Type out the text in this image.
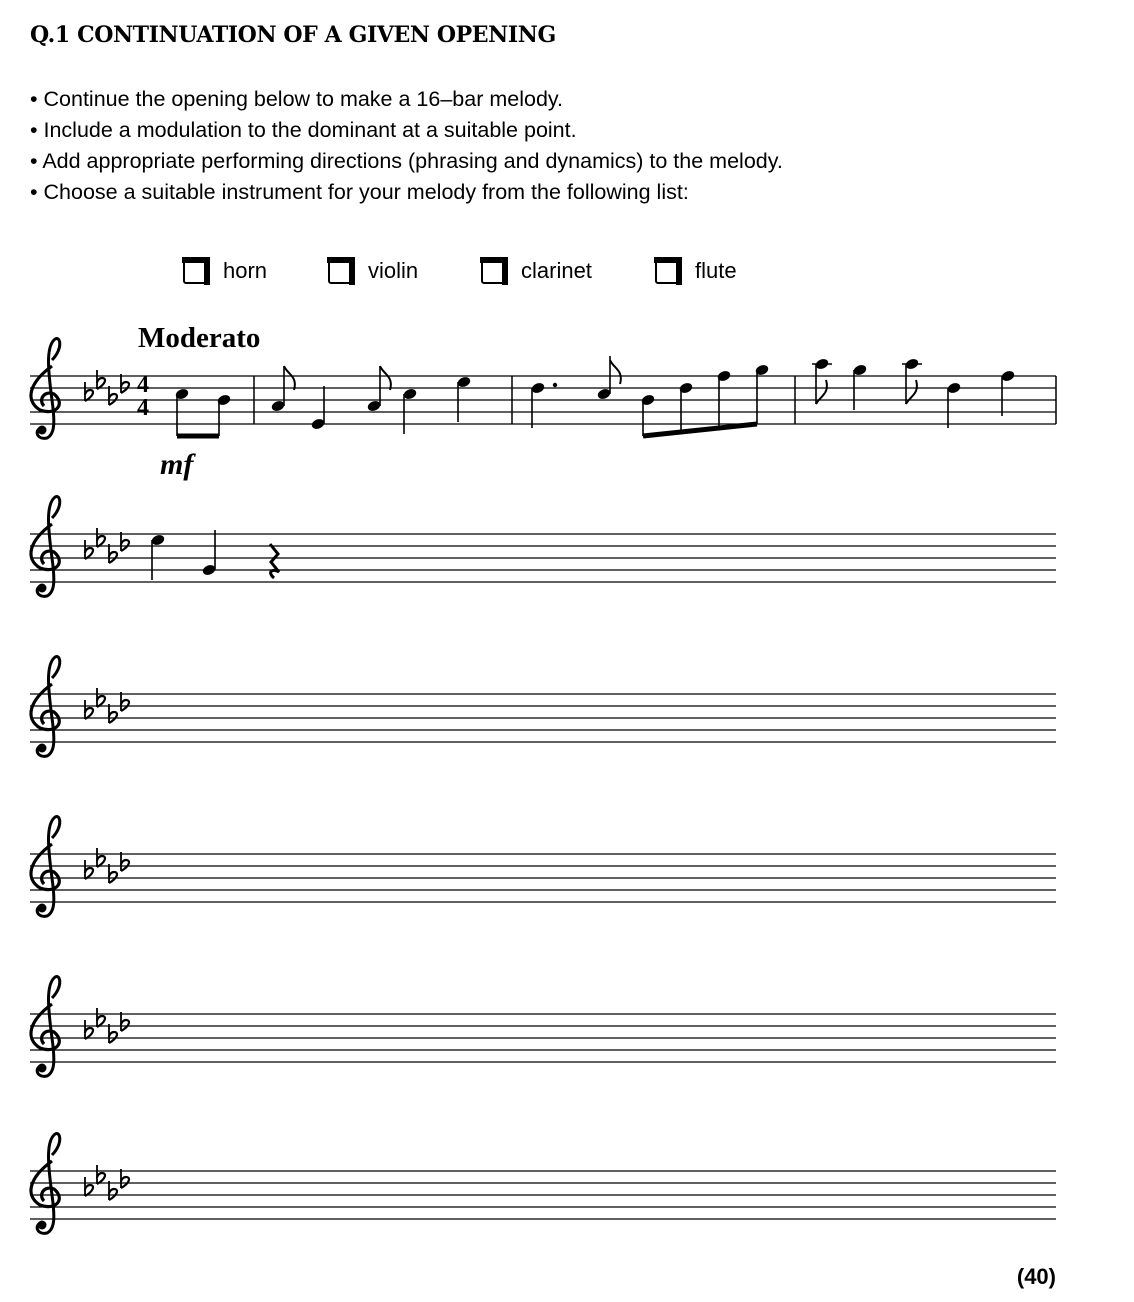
Q.1 CONTINUATION OF A GIVEN OPENING
• Continue the opening below to make a 16–bar melody.
• Include a modulation to the dominant at a suitable point.
• Add appropriate performing directions (phrasing and dynamics) to the melody.
• Choose a suitable instrument for your melody from the following list:
horn	violin	clarinet	flute
Moderato
4
4
mf
(40)
